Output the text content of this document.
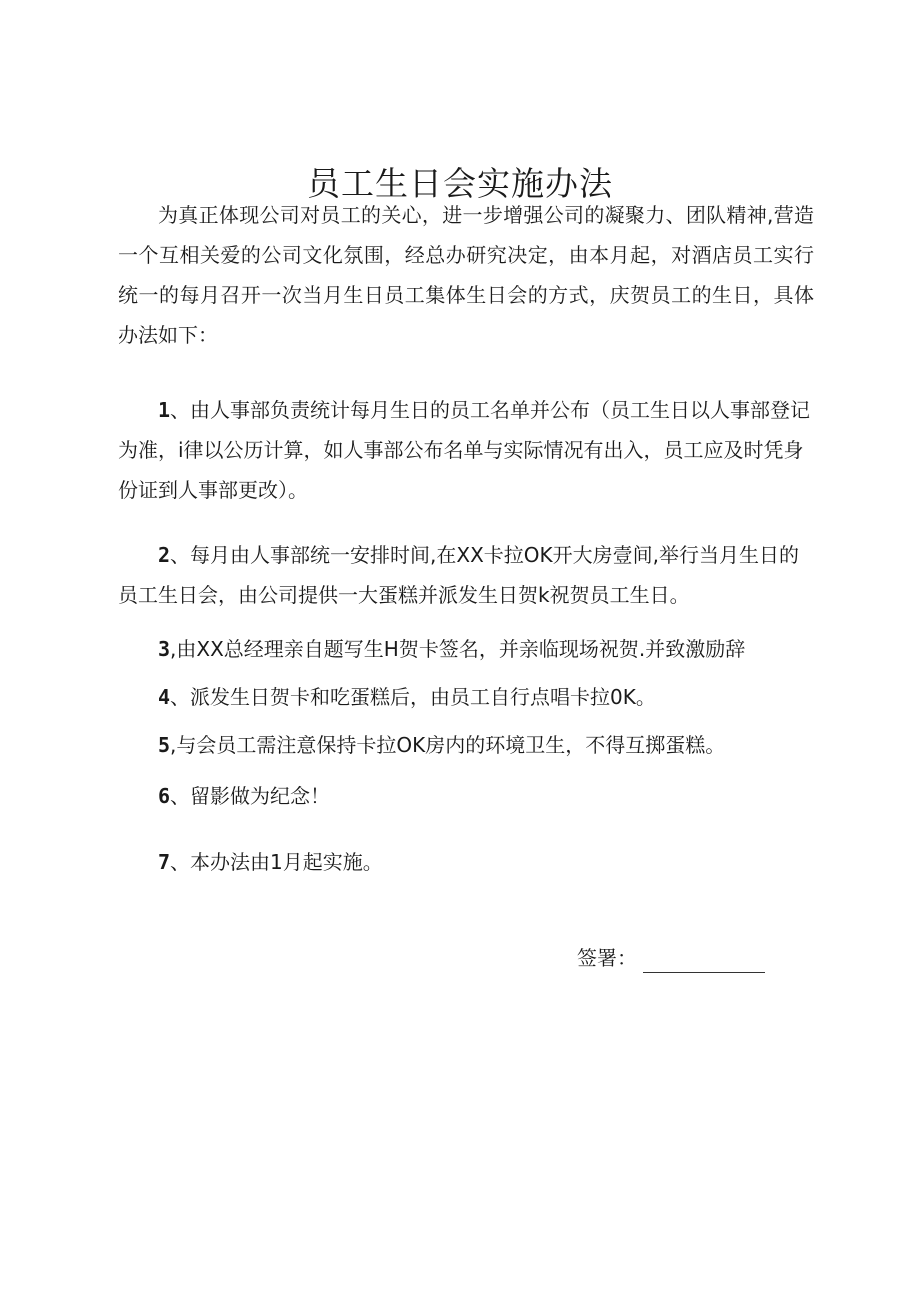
员工生日会实施办法

为真正体现公司对员工的关心，进一步增强公司的凝聚力、团队精神,营造一个互相关爱的公司文化氛围，经总办研究决定，由本月起，对酒店员工实行统一的每月召开一次当月生日员工集体生日会的方式，庆贺员工的生日，具体办法如下：

1、由人事部负责统计每月生日的员工名单并公布（员工生日以人事部登记为准，i律以公历计算，如人事部公布名单与实际情况有出入，员工应及时凭身份证到人事部更改）。

2、每月由人事部统一安排时间,在XX卡拉OK开大房壹间,举行当月生日的员工生日会，由公司提供一大蛋糕并派发生日贺k祝贺员工生日。

3,由XX总经理亲自题写生H贺卡签名，并亲临现场祝贺.并致激励辞

4、派发生日贺卡和吃蛋糕后，由员工自行点唱卡拉0K。

5,与会员工需注意保持卡拉OK房内的环境卫生，不得互掷蛋糕。

6、留影做为纪念！

7、本办法由1月起实施。

签署：
